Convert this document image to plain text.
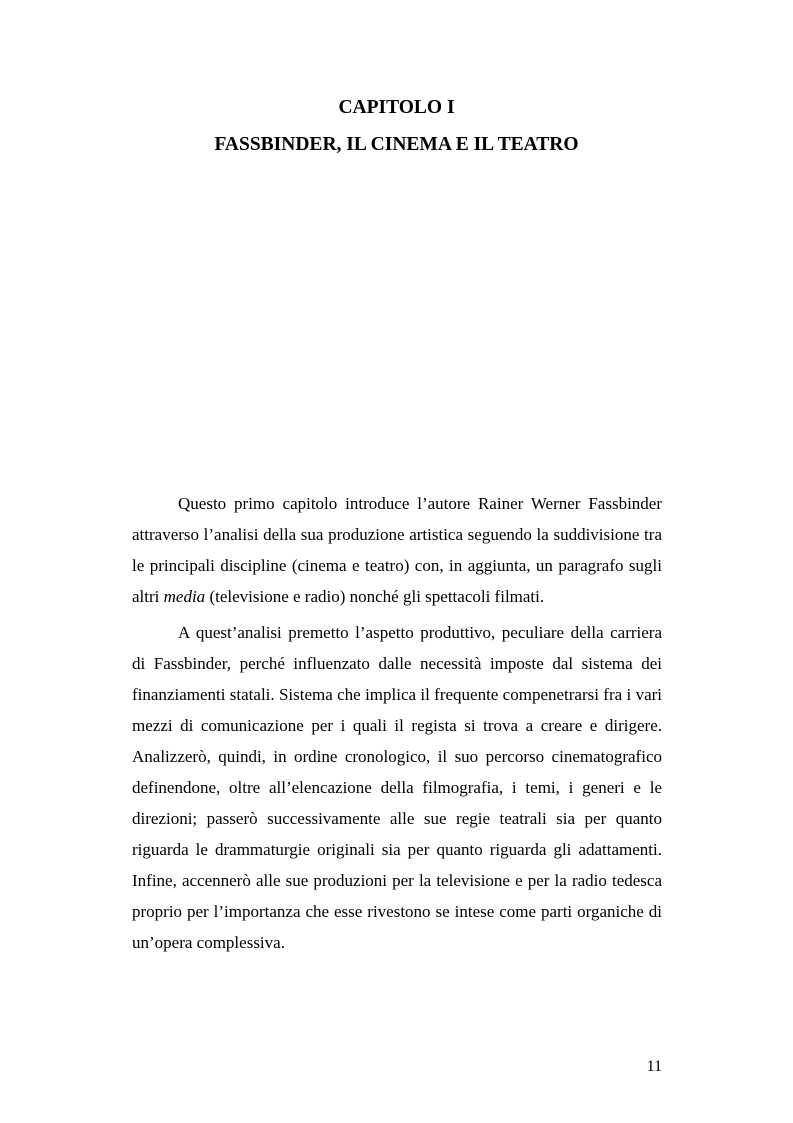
CAPITOLO I
FASSBINDER, IL CINEMA E IL TEATRO

Questo primo capitolo introduce l’autore Rainer Werner Fassbinder attraverso l’analisi della sua produzione artistica seguendo la suddivisione tra le principali discipline (cinema e teatro) con, in aggiunta, un paragrafo sugli altri media (televisione e radio) nonché gli spettacoli filmati.

A quest’analisi premetto l’aspetto produttivo, peculiare della carriera di Fassbinder, perché influenzato dalle necessità imposte dal sistema dei finanziamenti statali. Sistema che implica il frequente compenetrarsi fra i vari mezzi di comunicazione per i quali il regista si trova a creare e dirigere. Analizzerò, quindi, in ordine cronologico, il suo percorso cinematografico definendone, oltre all’elencazione della filmografia, i temi, i generi e le direzioni; passerò successivamente alle sue regie teatrali sia per quanto riguarda le drammaturgie originali sia per quanto riguarda gli adattamenti. Infine, accennerò alle sue produzioni per la televisione e per la radio tedesca proprio per l’importanza che esse rivestono se intese come parti organiche di un’opera complessiva.

11
